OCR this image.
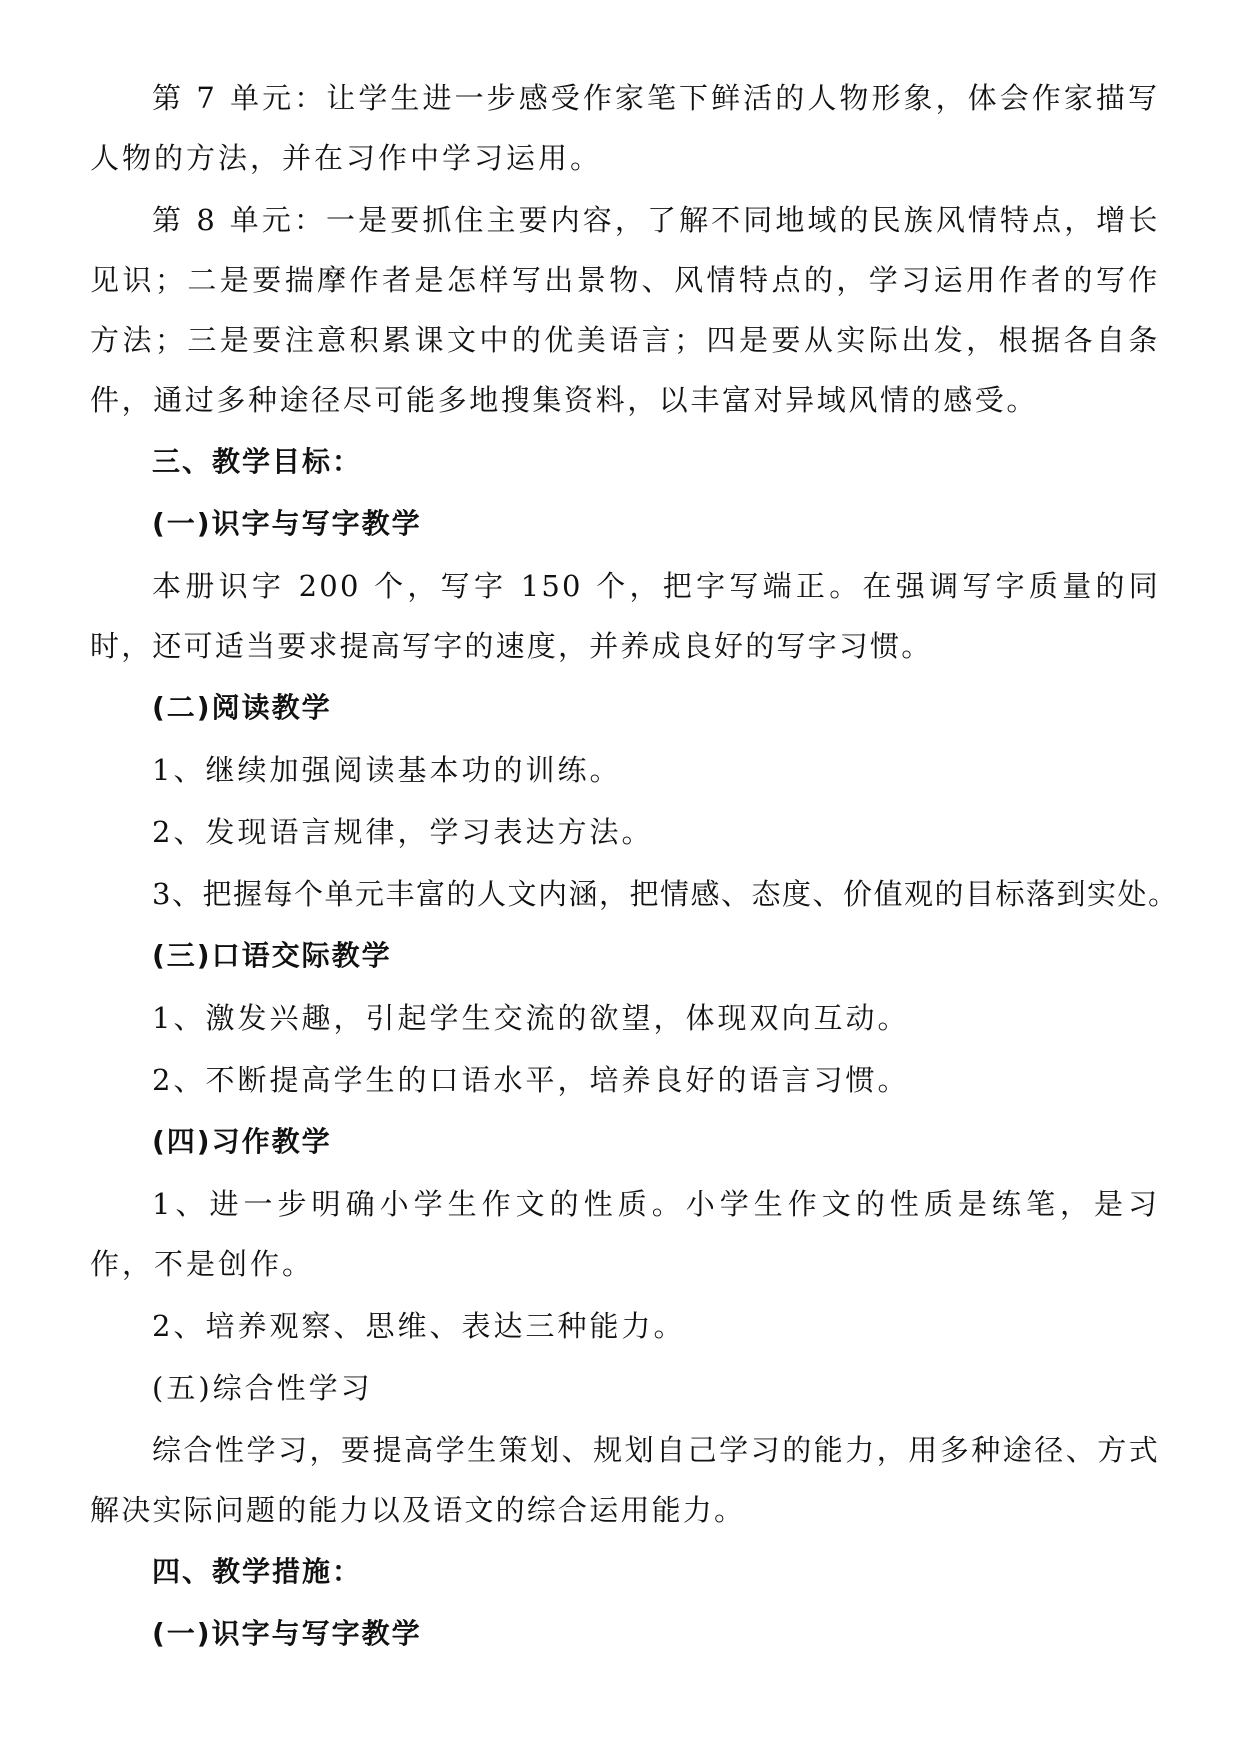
第 7 单元：让学生进一步感受作家笔下鲜活的人物形象，体会作家描写人物的方法，并在习作中学习运用。

第 8 单元：一是要抓住主要内容，了解不同地域的民族风情特点，增长见识；二是要揣摩作者是怎样写出景物、风情特点的，学习运用作者的写作方法；三是要注意积累课文中的优美语言；四是要从实际出发，根据各自条件，通过多种途径尽可能多地搜集资料，以丰富对异域风情的感受。

三、教学目标：
(一)识字与写字教学

本册识字 200 个，写字 150 个，把字写端正。在强调写字质量的同时，还可适当要求提高写字的速度，并养成良好的写字习惯。

(二)阅读教学

1、继续加强阅读基本功的训练。

2、发现语言规律，学习表达方法。

3、把握每个单元丰富的人文内涵，把情感、态度、价值观的目标落到实处。

(三)口语交际教学

1、激发兴趣，引起学生交流的欲望，体现双向互动。

2、不断提高学生的口语水平，培养良好的语言习惯。

(四)习作教学

1、进一步明确小学生作文的性质。小学生作文的性质是练笔，是习作，不是创作。

2、培养观察、思维、表达三种能力。

(五)综合性学习

综合性学习，要提高学生策划、规划自己学习的能力，用多种途径、方式解决实际问题的能力以及语文的综合运用能力。

四、教学措施：
(一)识字与写字教学
